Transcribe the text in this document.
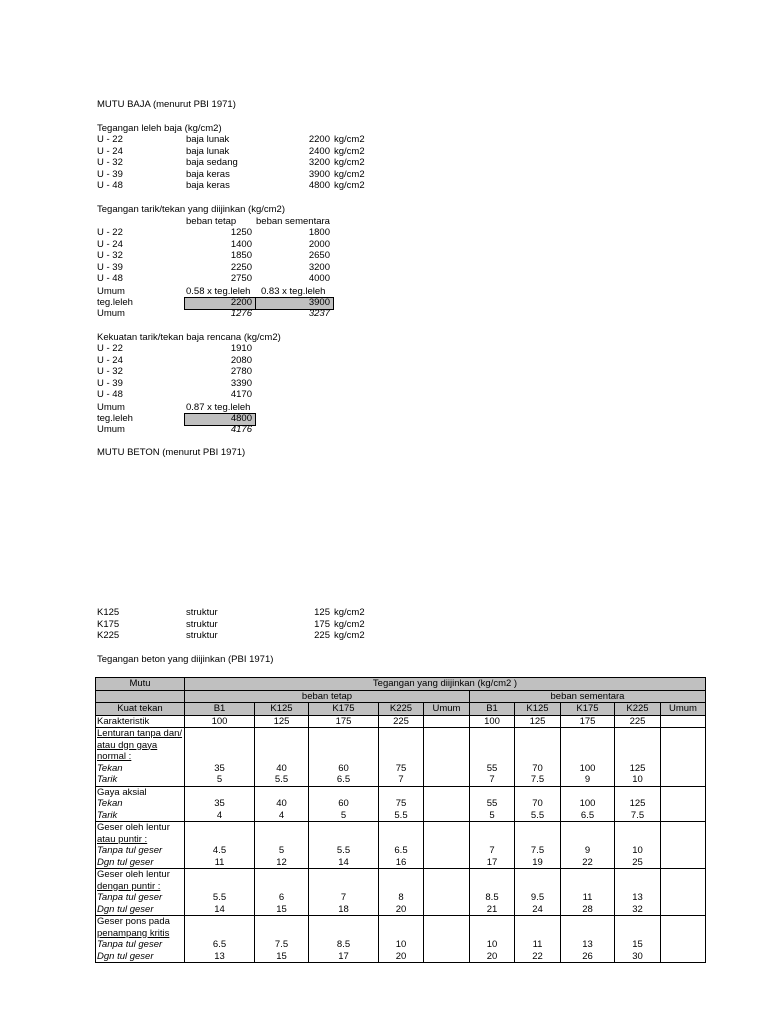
MUTU BAJA (menurut PBI 1971)
Tegangan leleh baja (kg/cm2)
U - 22	baja lunak	2200 kg/cm2
U - 24	baja lunak	2400 kg/cm2
U - 32	baja sedang	3200 kg/cm2
U - 39	baja keras	3900 kg/cm2
U - 48	baja keras	4800 kg/cm2
Tegangan tarik/tekan yang diijinkan (kg/cm2)
beban tetap beban sementara
U - 22	1250	1800
U - 24	1400	2000
U - 32	1850	2650
U - 39	2250	3200
U - 48	2750	4000
Umum	0.58 x teg.leleh 0.83 x teg.leleh
teg.leleh	2200	3900
Umum	1276	3237
Kekuatan tarik/tekan baja rencana (kg/cm2)
U - 22	1910
U - 24	2080
U - 32	2780
U - 39	3390
U - 48	4170
Umum	0.87 x teg.leleh
teg.leleh	4800
Umum	4176
MUTU BETON (menurut PBI 1971)
K125	struktur	125 kg/cm2
K175	struktur	175 kg/cm2
K225	struktur	225 kg/cm2
Tegangan beton yang diijinkan (PBI 1971)
Mutu	Tegangan yang diijinkan (kg/cm2 )									
	beban tetap					beban sementara				
Kuat tekan	B1	K125	K175	K225	Umum	B1	K125	K175	K225	Umum
Karakteristik	100	125	175	225		100	125	175	225	
Lenturan tanpa dan/										
atau dgn gaya										
normal :										
Tekan	35	40	60	75		55	70	100	125	
Tarik	5	5.5	6.5	7		7	7.5	9	10	
Gaya aksial										
Tekan	35	40	60	75		55	70	100	125	
Tarik	4	4	5	5.5		5	5.5	6.5	7.5	
Geser oleh lentur										
atau puntir :										
Tanpa tul geser	4.5	5	5.5	6.5		7	7.5	9	10	
Dgn tul geser	11	12	14	16		17	19	22	25	
Geser oleh lentur										
dengan puntir :										
Tanpa tul geser	5.5	6	7	8		8.5	9.5	11	13	
Dgn tul geser	14	15	18	20		21	24	28	32	
Geser pons pada										
penampang kritis										
Tanpa tul geser	6.5	7.5	8.5	10		10	11	13	15	
Dgn tul geser	13	15	17	20		20	22	26	30	
